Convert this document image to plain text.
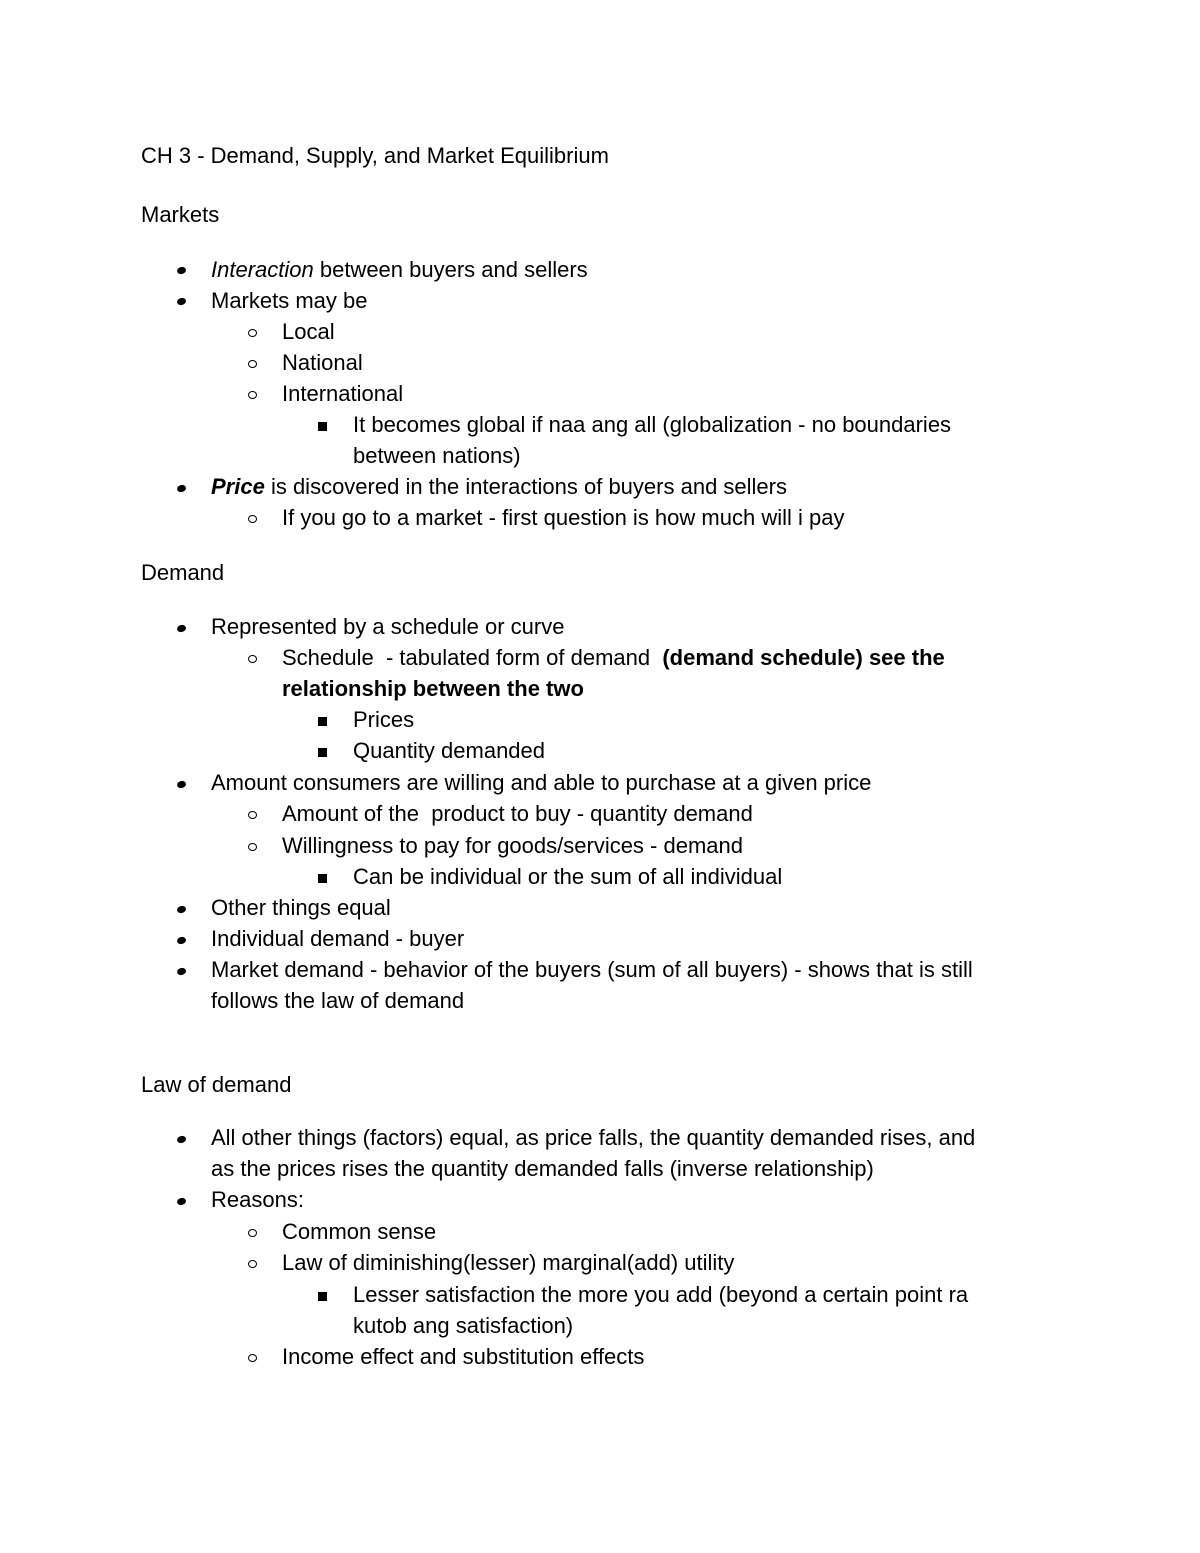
CH 3 - Demand, Supply, and Market Equilibrium
Markets
Interaction between buyers and sellers
Markets may be
Local
National
International
It becomes global if naa ang all (globalization - no boundaries
between nations)
Price is discovered in the interactions of buyers and sellers
If you go to a market - first question is how much will i pay
Demand
Represented by a schedule or curve
Schedule  - tabulated form of demand  (demand schedule) see the
relationship between the two
Prices
Quantity demanded
Amount consumers are willing and able to purchase at a given price
Amount of the  product to buy - quantity demand
Willingness to pay for goods/services - demand
Can be individual or the sum of all individual
Other things equal
Individual demand - buyer
Market demand - behavior of the buyers (sum of all buyers) - shows that is still
follows the law of demand
Law of demand
All other things (factors) equal, as price falls, the quantity demanded rises, and
as the prices rises the quantity demanded falls (inverse relationship)
Reasons:
Common sense
Law of diminishing(lesser) marginal(add) utility
Lesser satisfaction the more you add (beyond a certain point ra
kutob ang satisfaction)
Income effect and substitution effects
